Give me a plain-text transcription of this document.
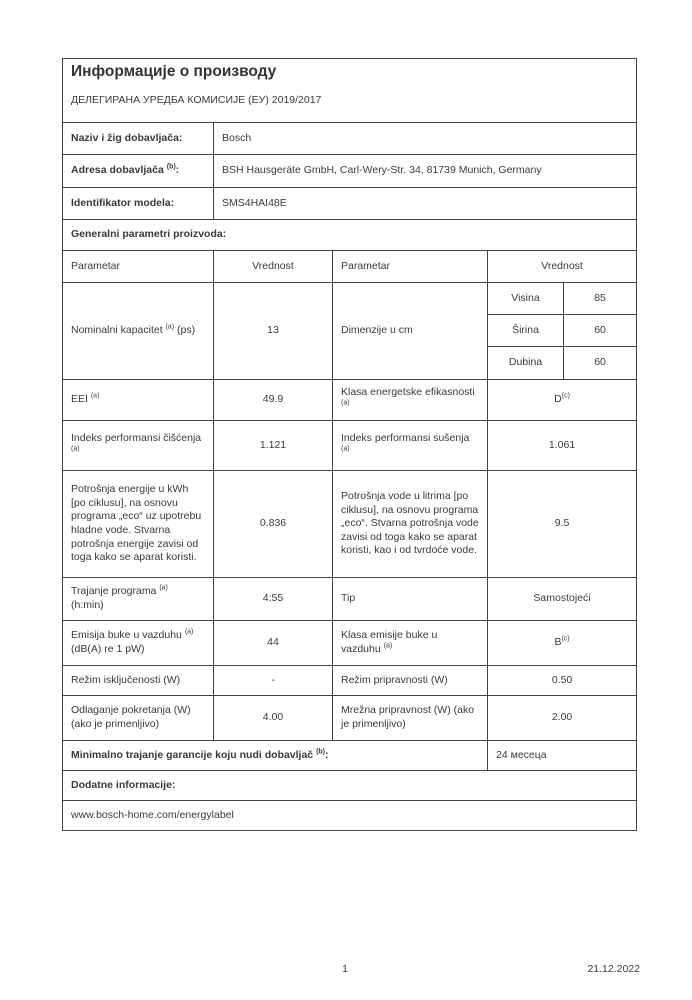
Информације о производу
ДЕЛЕГИРАНА УРЕДБА КОМИСИЈЕ (ЕУ) 2019/2017				

Naziv i žig dobavljača:	Bosch			
Adresa dobavljača $^{(b)}$:	BSH Hausgeräte GmbH, Carl-Wery-Str. 34, 81739 Munich, Germany			
Identifikator modela:	SMS4HAI48E			
Generalni parametri proizvoda:				
Parametar	Vrednost	Parametar	Vrednost	
Nominalni kapacitet $^{(a)}$ (ps)	13	Dimenzije u cm	Visina	85
			Širina	60
			Dubina	60
EEI $^{(a)}$	49.9	Klasa energetske efikasnosti $^{(a)}$	$D^{(c)}$
Indeks performansi čišćenja $^{(a)}$	1.121	Indeks performansi sušenja $^{(a)}$	1.061	
Potrošnja energije u kWh [po ciklusu], na osnovu programa „eco“ uz upotrebu hladne vode. Stvarna potrošnja energije zavisi od toga kako se aparat koristi.	0.836	Potrošnja vode u litrima [po ciklusu], na osnovu programa „eco“. Stvarna potrošnja vode zavisi od toga kako se aparat koristi, kao i od tvrdoće vode.	9.5	
Trajanje programa $^{(a)}$
(h:min)	4:55	Tip	Samostojeći	
Emisija buke u vazduhu $^{(a)}$
(dB(A) re 1 pW)	44	Klasa emisije buke u vazduhu $^{(a)}$	$B^{(c)}$
Režim isključenosti (W)	-	Režim pripravnosti (W)	0.50	
Odlaganje pokretanja (W) (ako je primenljivo)	4.00	Mrežna pripravnost (W) (ako je primenljivo)	2.00	
Minimalno trajanje garancije koju nudi dobavljač $^{(b)}$:			24 месеца	
Dodatne informacije:				
www.bosch-home.com/energylabel				
1	21.12.2022
